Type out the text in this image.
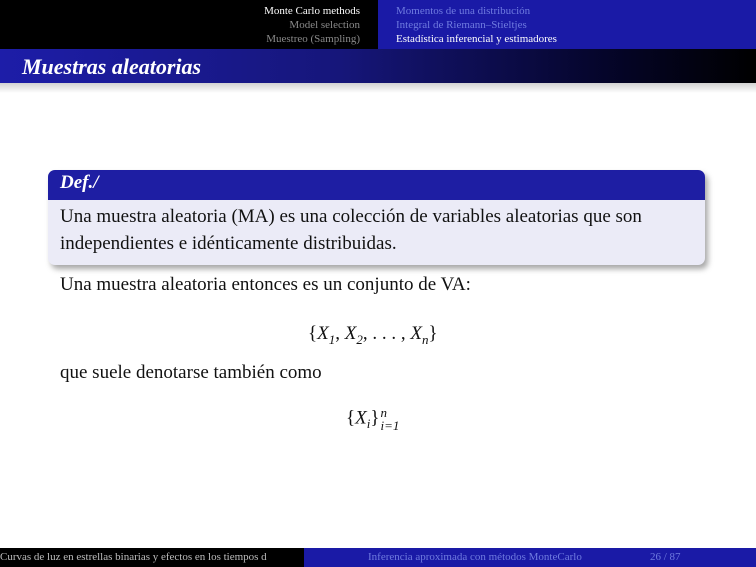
Monte Carlo methods
Model selection
Muestreo (Sampling)
Momentos de una distribución
Integral de Riemann–Stieltjes
Estadística inferencial y estimadores
Muestras aleatorias
Def./
Una muestra aleatoria (MA) es una colección de variables aleatorias que son
independientes e idénticamente distribuidas.
Una muestra aleatoria entonces es un conjunto de VA:
{$X_1$, $X_2$, . . . , $X_n$}
que suele denotarse también como
$\{X_i\}$ n
i=1
Curvas de luz en estrellas binarias y efectos en los tiempos d	Inferencia aproximada con métodos MonteCarlo	26 / 87
